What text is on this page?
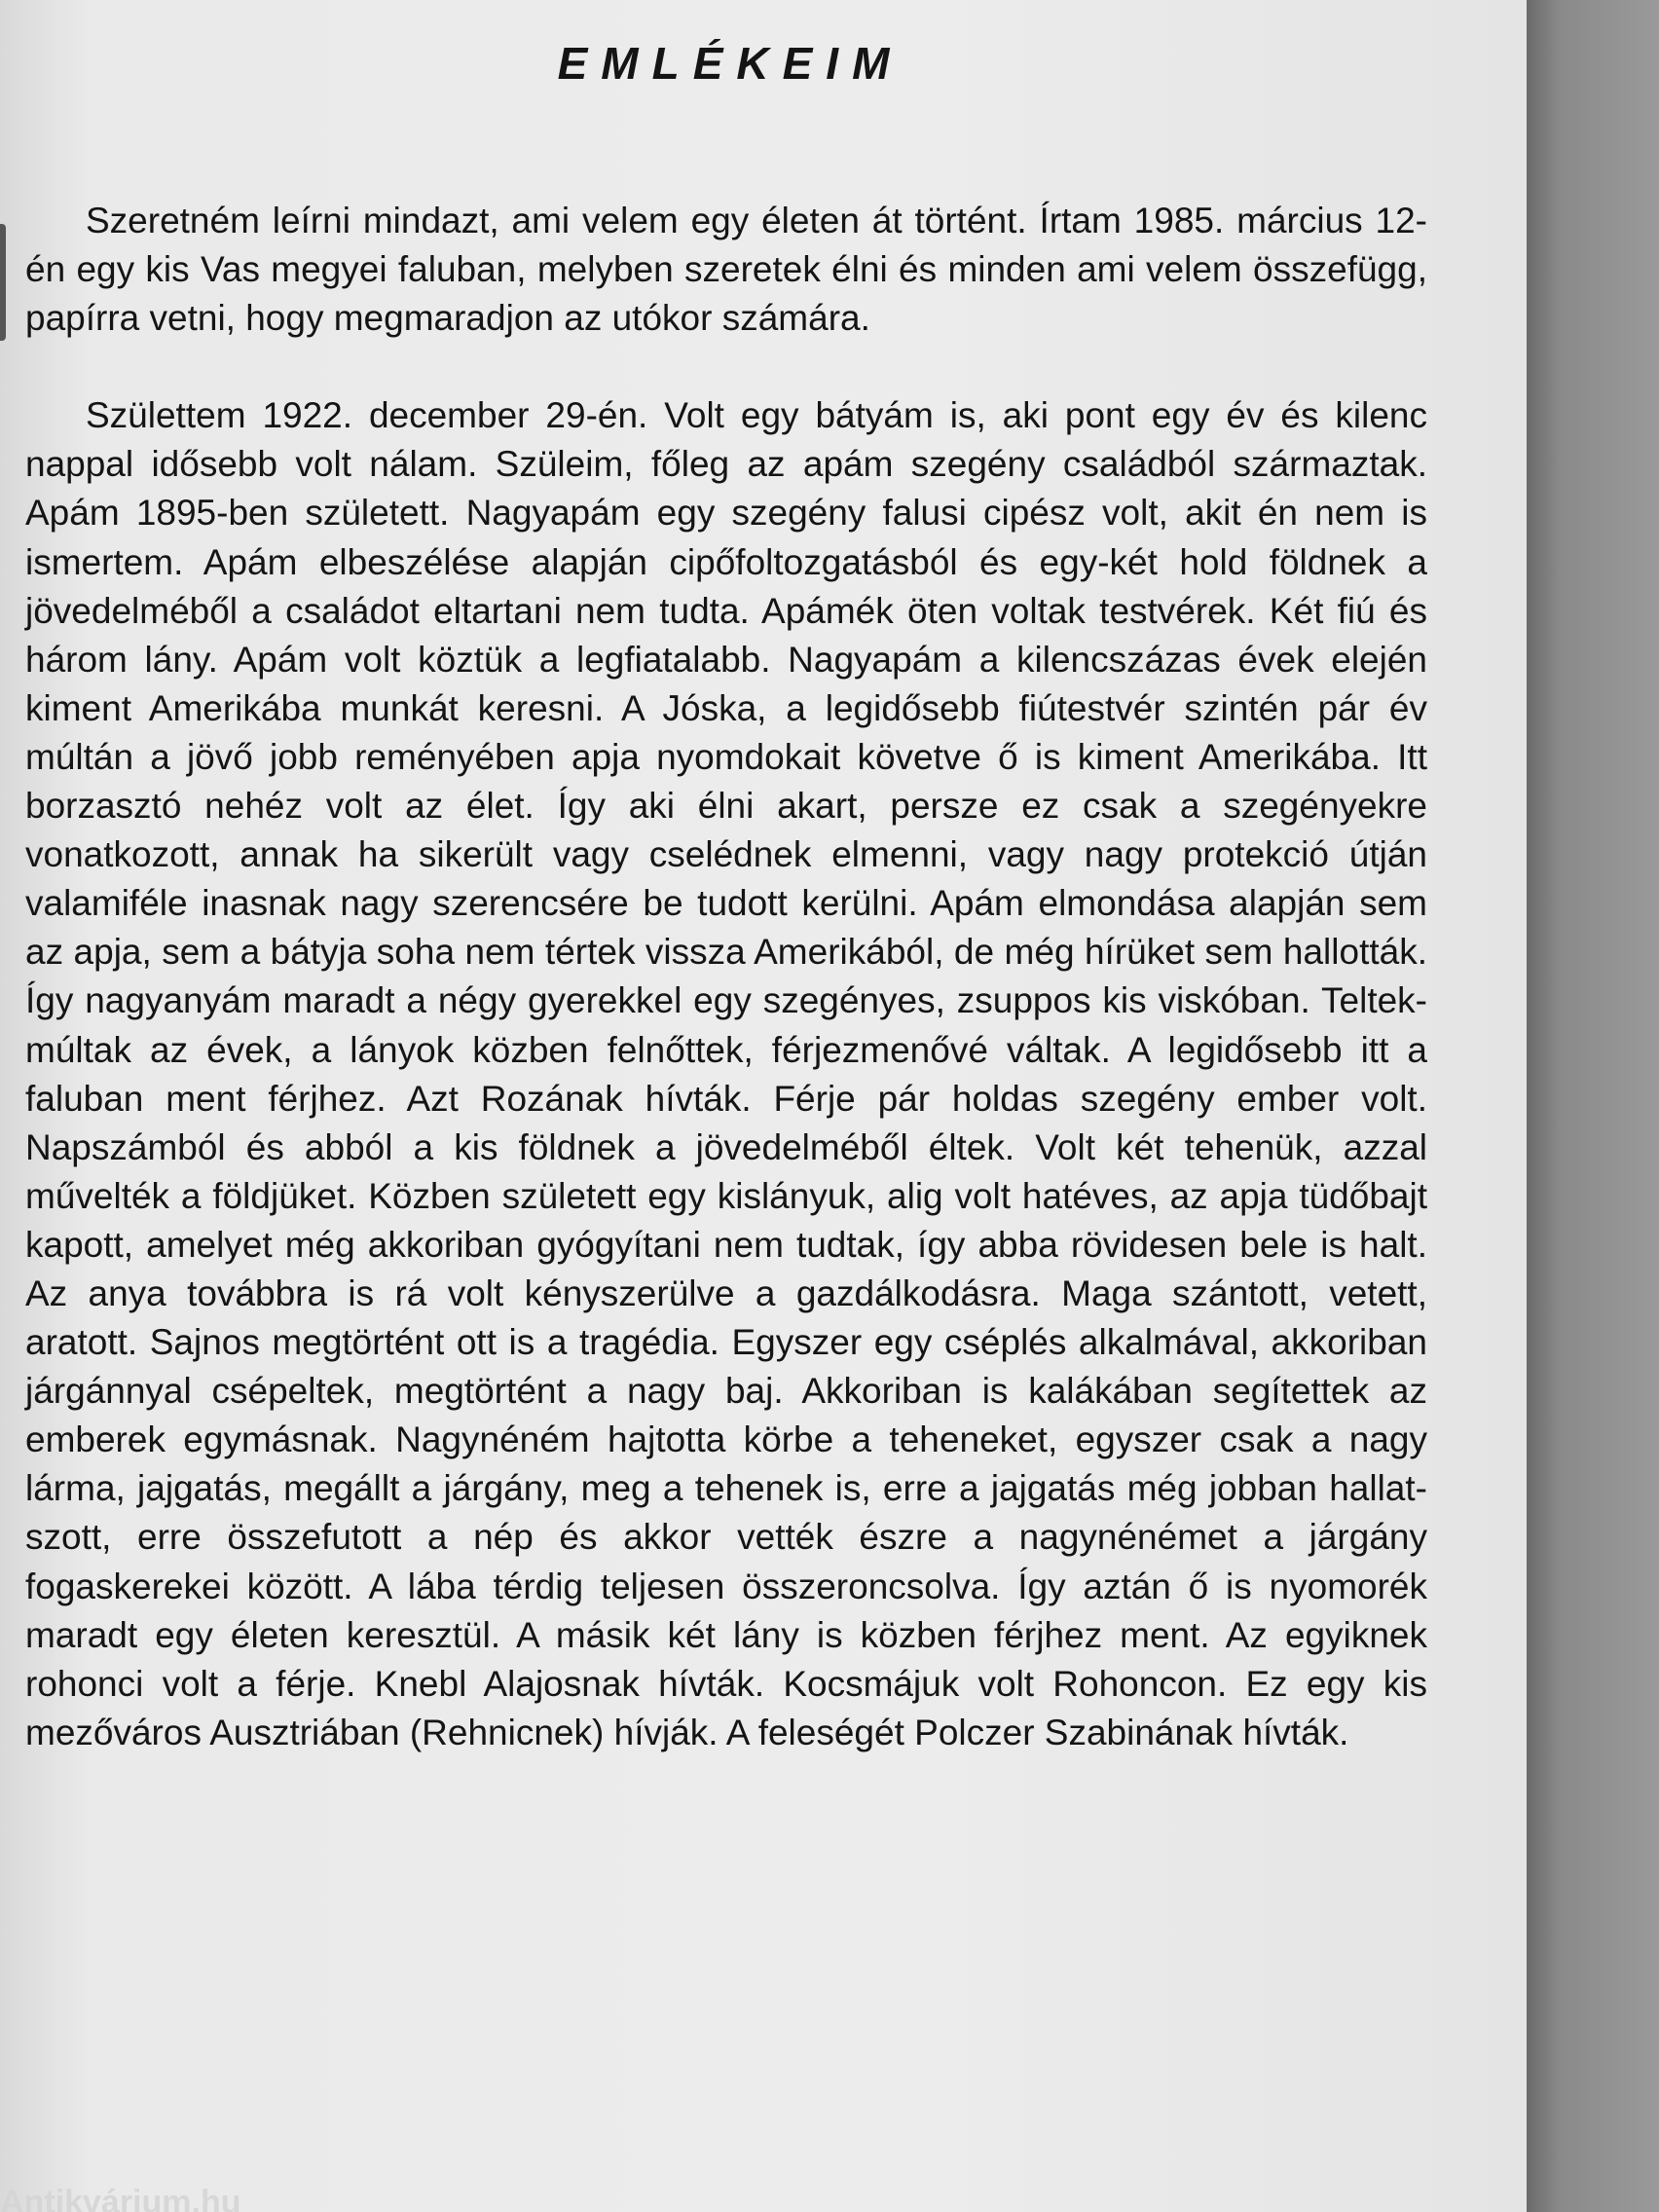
EMLÉKEIM

Szeretném leírni mindazt, ami velem egy életen át történt. Írtam 1985. március 12-én egy kis Vas megyei faluban, melyben szeretek élni és minden ami velem összefügg, papírra vetni, hogy megmaradjon az utókor számára.

Születtem 1922. december 29-én. Volt egy bátyám is, aki pont egy év és kilenc nappal idősebb volt nálam. Szüleim, főleg az apám szegény családból származtak. Apám 1895-ben született. Nagyapám egy szegény falusi cipész volt, akit én nem is ismertem. Apám elbeszélése alapján cipőfoltozgatásból és egy-két hold földnek a jövedelméből a családot eltartani nem tudta. Apámék öten voltak testvérek. Két fiú és három lány. Apám volt köztük a legfiatalabb. Nagyapám a kilencszázas évek elején kiment Amerikába munkát keresni. A Jóska, a legidősebb fiútestvér szintén pár év múltán a jövő jobb reményében apja nyomdokait követve ő is kiment Amerikába. Itt borzasztó nehéz volt az élet. Így aki élni akart, persze ez csak a szegényekre vonatkozott, annak ha sikerült vagy cselédnek elmenni, vagy nagy protekció útján valamiféle inasnak nagy szerencsére be tudott kerülni. Apám elmondása alapján sem az apja, sem a bátyja soha nem tértek vissza Amerikából, de még hírüket sem hallották. Így nagyanyám maradt a négy gyerekkel egy szegényes, zsuppos kis viskóban. Teltek-múltak az évek, a lányok közben felnőttek, férjezmenővé váltak. A legidősebb itt a faluban ment férjhez. Azt Rozának hívták. Férje pár holdas szegény ember volt. Napszámból és abból a kis földnek a jövedelméből éltek. Volt két tehenük, azzal művelték a földjüket. Közben született egy kislányuk, alig volt hatéves, az apja tüdőbajt kapott, amelyet még akkoriban gyógyítani nem tudtak, így abba rövidesen bele is halt. Az anya továbbra is rá volt kényszerülve a gazdálkodásra. Maga szántott, vetett, aratott. Sajnos megtörtént ott is a tragédia. Egyszer egy cséplés alkalmával, akkoriban járgánnyal csépeltek, megtörtént a nagy baj. Akkoriban is kalákában segítettek az emberek egymásnak. Nagynéném hajtotta körbe a teheneket, egyszer csak a nagy lárma, jajgatás, megállt a járgány, meg a tehenek is, erre a jajgatás még jobban hallatszott, erre összefutott a nép és akkor vették észre a nagynénémet a járgány fogaskerekei között. A lába térdig teljesen összeroncsolva. Így aztán ő is nyomorék maradt egy életen keresztül. A másik két lány is közben férjhez ment. Az egyiknek rohonci volt a férje. Knebl Alajosnak hívták. Kocsmájuk volt Rohoncon. Ez egy kis mezőváros Ausztriában (Rehnicnek) hívják. A feleségét Polczer Szabinának hívták.

Antikvárium.hu
